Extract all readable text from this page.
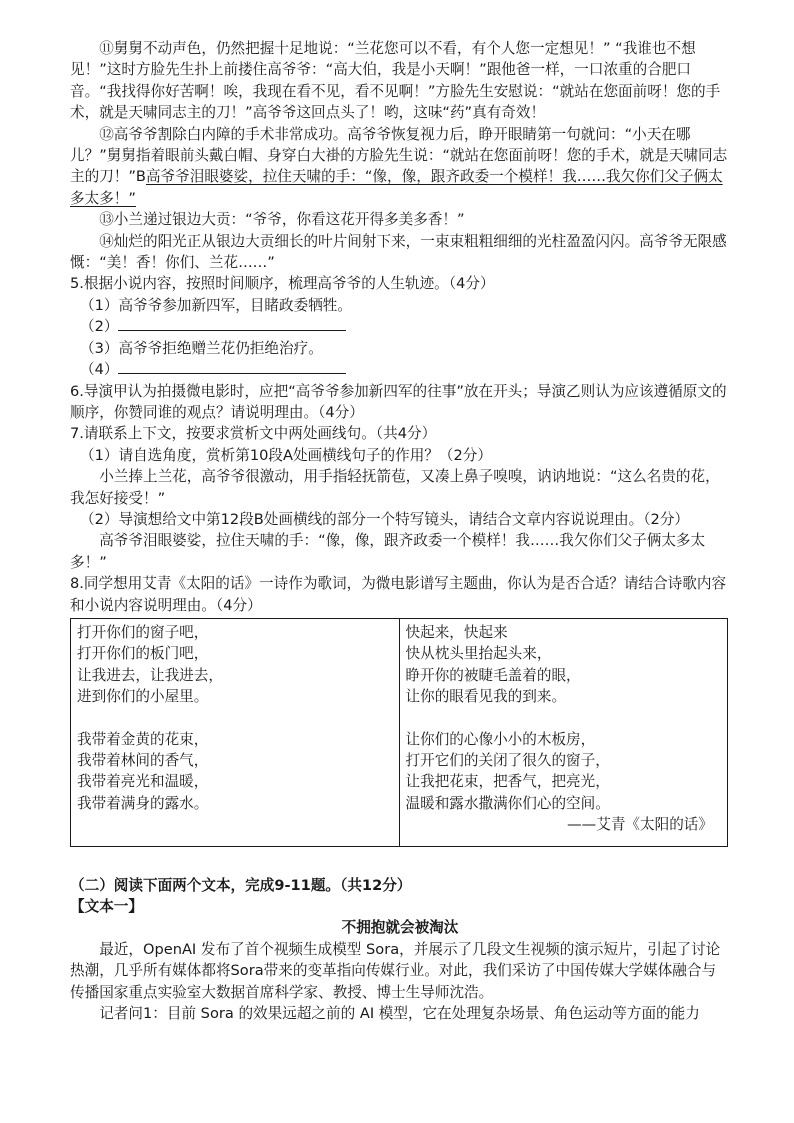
⑪舅舅不动声色，仍然把握十足地说：“兰花您可以不看，有个人您一定想见！” “我谁也不想见！”这时方脸先生扑上前搂住高爷爷：“高大伯，我是小天啊！”跟他爸一样，一口浓重的合肥口音。“我找得你好苦啊！唉，我现在看不见，看不见啊！”方脸先生安慰说：“就站在您面前呀！您的手术，就是天啸同志主的刀！”高爷爷这回点头了！哟，这味“药”真有奇效！

⑫高爷爷割除白内障的手术非常成功。高爷爷恢复视力后，睁开眼睛第一句就问：“小天在哪儿？”舅舅指着眼前头戴白帽、身穿白大褂的方脸先生说：“就站在您面前呀！您的手术，就是天啸同志主的刀！”B高爷爷泪眼婆娑，拉住天啸的手：“像，像，跟齐政委一个模样！我……我欠你们父子俩太多太多！”

⑬小兰递过银边大贡：“爷爷，你看这花开得多美多香！”

⑭灿烂的阳光正从银边大贡细长的叶片间射下来，一束束粗粗细细的光柱盈盈闪闪。高爷爷无限感慨：“美！香！你们、兰花……”

5.根据小说内容，按照时间顺序，梳理高爷爷的人生轨迹。（4分）

（1）高爷爷参加新四军，目睹政委牺牲。

（2）

（3）高爷爷拒绝赠兰花仍拒绝治疗。

（4）

6.导演甲认为拍摄微电影时，应把“高爷爷参加新四军的往事”放在开头；导演乙则认为应该遵循原文的顺序，你赞同谁的观点？请说明理由。（4分）

7.请联系上下文，按要求赏析文中两处画线句。（共4分）

（1）请自选角度，赏析第10段A处画横线句子的作用？（2分）

小兰捧上兰花，高爷爷很激动，用手指轻抚箭苞，又凑上鼻子嗅嗅，讷讷地说：“这么名贵的花，我怎好接受！”

（2）导演想给文中第12段B处画横线的部分一个特写镜头，请结合文章内容说说理由。（2分）

高爷爷泪眼婆娑，拉住天啸的手：“像，像，跟齐政委一个模样！我……我欠你们父子俩太多太多！”

8.同学想用艾青《太阳的话》一诗作为歌词，为微电影谱写主题曲，你认为是否合适？请结合诗歌内容和小说内容说明理由。（4分）

打开你们的窗子吧，
打开你们的板门吧，
让我进去，让我进去，
进到你们的小屋里。
我带着金黄的花束，
我带着林间的香气，
我带着亮光和温暖，
我带着满身的露水。

快起来，快起来
快从枕头里抬起头来，
睁开你的被睫毛盖着的眼，
让你的眼看见我的到来。
让你们的心像小小的木板房，
打开它们的关闭了很久的窗子，
让我把花束，把香气，把亮光，
温暖和露水撒满你们心的空间。
——艾青《太阳的话》

（二）阅读下面两个文本，完成9-11题。（共12分）

【文本一】

不拥抱就会被淘汰

最近，OpenAI 发布了首个视频生成模型 Sora，并展示了几段文生视频的演示短片，引起了讨论热潮，几乎所有媒体都将Sora带来的变革指向传媒行业。对此，我们采访了中国传媒大学媒体融合与传播国家重点实验室大数据首席科学家、教授、博士生导师沈浩。

记者问1：目前 Sora 的效果远超之前的 AI 模型，它在处理复杂场景、角色运动等方面的能力
